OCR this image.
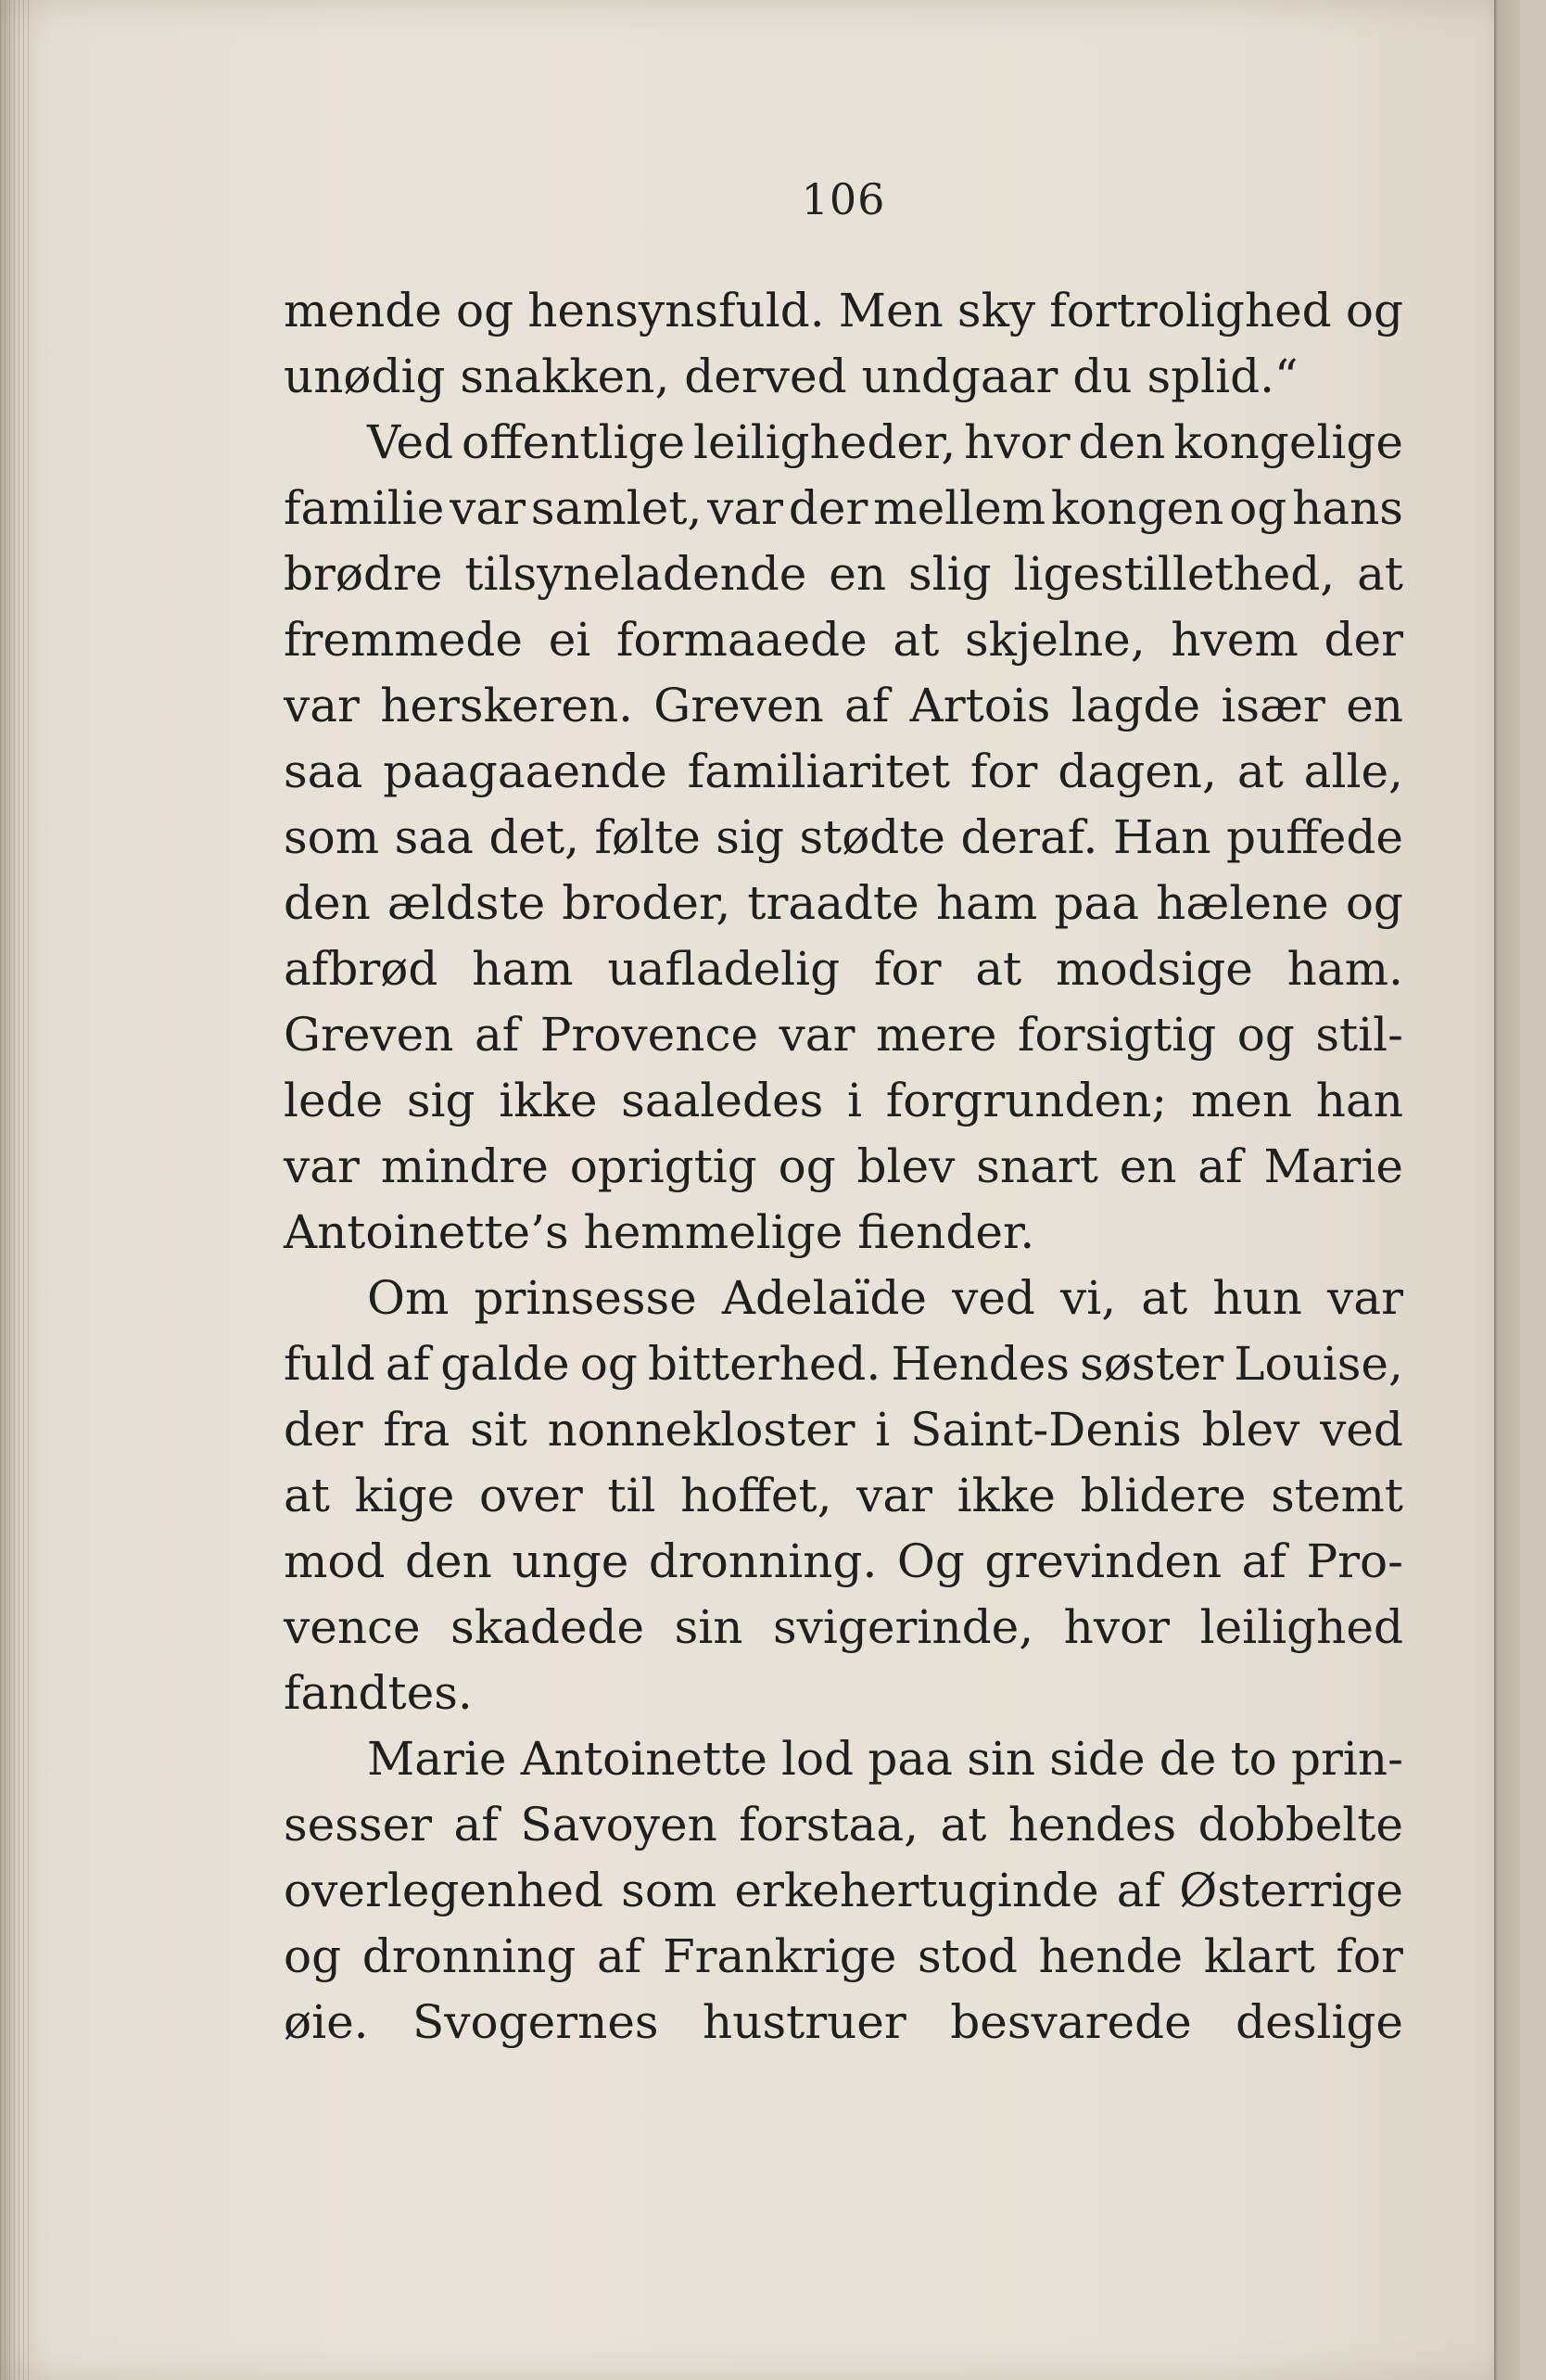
106
mende og hensynsfuld. Men sky fortrolighed og
unødig snakken, derved undgaar du splid.“
Ved offentlige leiligheder, hvor den kongelige
familie var samlet, var der mellem kongen og hans
brødre tilsyneladende en slig ligestillethed, at
fremmede ei formaaede at skjelne, hvem der
var herskeren. Greven af Artois lagde især en
saa paagaaende familiaritet for dagen, at alle,
som saa det, følte sig stødte deraf. Han puffede
den ældste broder, traadte ham paa hælene og
afbrød ham uafladelig for at modsige ham.
Greven af Provence var mere forsigtig og stil-
lede sig ikke saaledes i forgrunden; men han
var mindre oprigtig og blev snart en af Marie
Antoinette’s hemmelige fiender.
Om prinsesse Adelaïde ved vi, at hun var
fuld af galde og bitterhed. Hendes søster Louise,
der fra sit nonnekloster i Saint-Denis blev ved
at kige over til hoffet, var ikke blidere stemt
mod den unge dronning. Og grevinden af Pro-
vence skadede sin svigerinde, hvor leilighed
fandtes.
Marie Antoinette lod paa sin side de to prin-
sesser af Savoyen forstaa, at hendes dobbelte
overlegenhed som erkehertuginde af Østerrige
og dronning af Frankrige stod hende klart for
øie. Svogernes hustruer besvarede deslige
